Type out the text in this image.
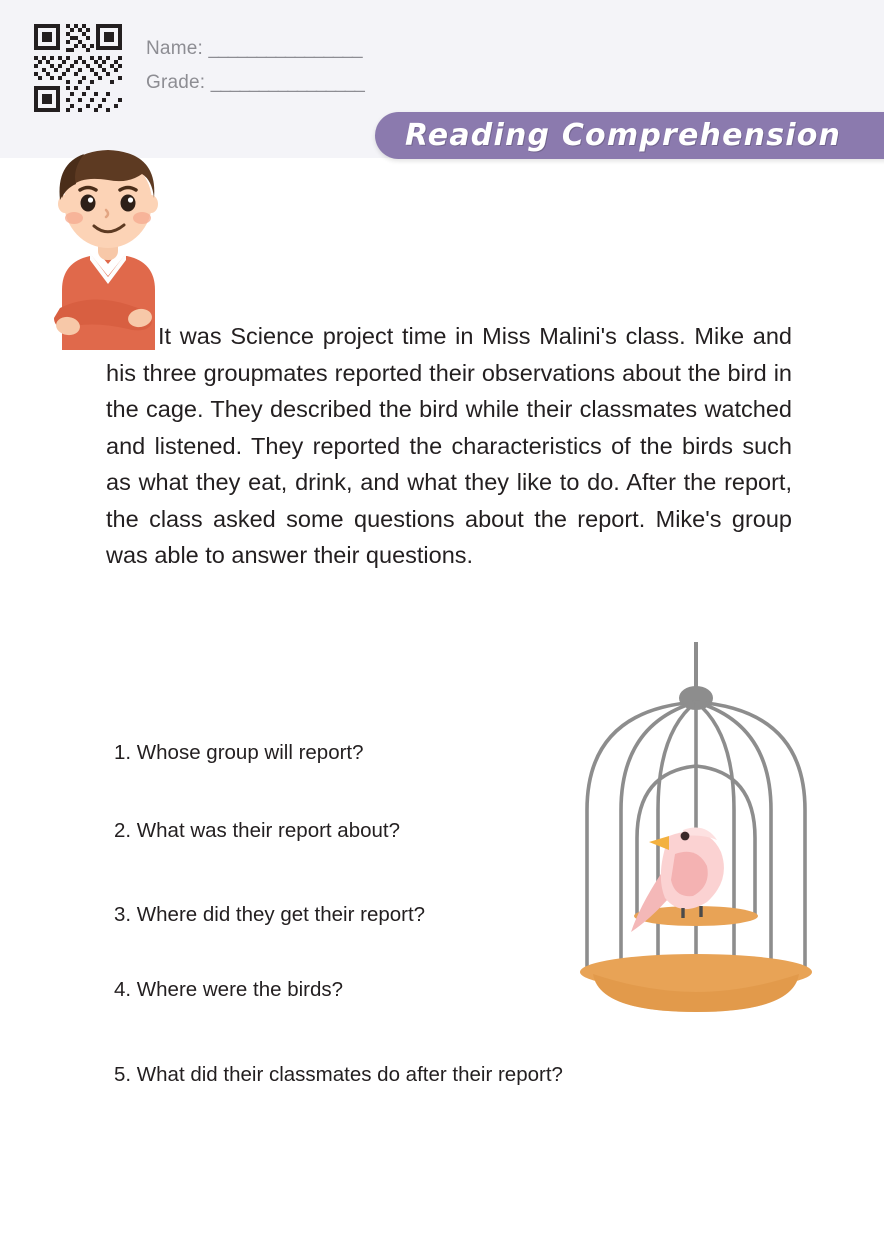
Name: ________________
Grade: ________________
Reading Comprehension
It was Science project time in Miss Malini's class. Mike and his three groupmates reported their observations about the bird in the cage. They described the bird while their classmates watched and listened. They reported the characteristics of the birds such as what they eat, drink, and what they like to do. After the report, the class asked some questions about the report. Mike's group was able to answer their questions.
1. Whose group will report?
2. What was their report about?
3. Where did they get their report?
4. Where were the birds?
5. What did their classmates do after their report?
